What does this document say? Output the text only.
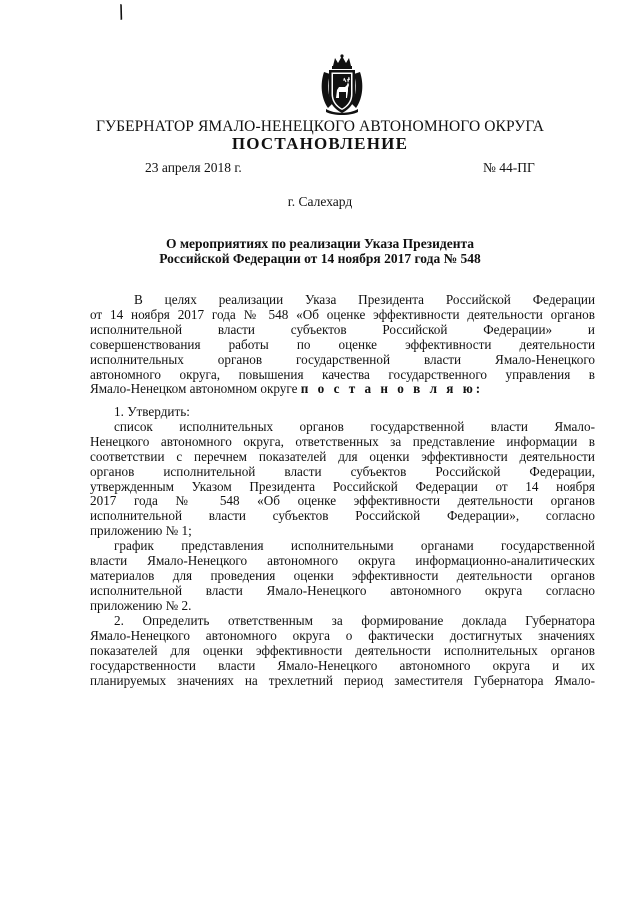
ГУБЕРНАТОР ЯМАЛО-НЕНЕЦКОГО АВТОНОМНОГО ОКРУГА
ПОСТАНОВЛЕНИЕ
23 апреля 2018 г.	№ 44-ПГ
г. Салехард
О мероприятиях по реализации Указа Президента
Российской Федерации от 14 ноября 2017 года № 548
В целях реализации Указа Президента Российской Федерации
от 14 ноября 2017 года № 548 «Об оценке эффективности деятельности органов
исполнительной власти субъектов Российской Федерации» и
совершенствования работы по оценке эффективности деятельности
исполнительных органов государственной власти Ямало-Ненецкого
автономного округа, повышения качества государственного управления в
Ямало-Ненецком автономном округе п о с т а н о в л я ю:
1. Утвердить:
список исполнительных органов государственной власти Ямало-
Ненецкого автономного округа, ответственных за представление информации в
соответствии с перечнем показателей для оценки эффективности деятельности
органов исполнительной власти субъектов Российской Федерации,
утвержденным Указом Президента Российской Федерации от 14 ноября
2017 года № 548 «Об оценке эффективности деятельности органов
исполнительной власти субъектов Российской Федерации», согласно
приложению № 1;
график представления исполнительными органами государственной
власти Ямало-Ненецкого автономного округа информационно-аналитических
материалов для проведения оценки эффективности деятельности органов
исполнительной власти Ямало-Ненецкого автономного округа согласно
приложению № 2.
2. Определить ответственным за формирование доклада Губернатора
Ямало-Ненецкого автономного округа о фактически достигнутых значениях
показателей для оценки эффективности деятельности исполнительных органов
государственности власти Ямало-Ненецкого автономного округа и их
планируемых значениях на трехлетний период заместителя Губернатора Ямало-
